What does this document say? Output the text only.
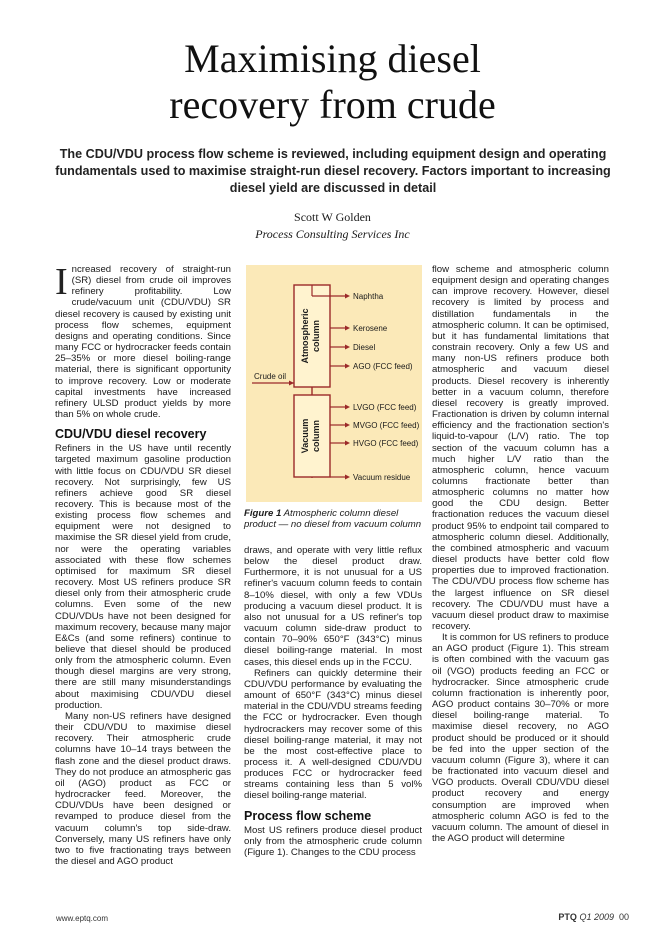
Maximising diesel
recovery from crude

The CDU/VDU process flow scheme is reviewed, including equipment design and operating fundamentals used to maximise straight-run diesel recovery. Factors important to increasing diesel yield are discussed in detail

Scott W Golden
Process Consulting Services Inc

Increased recovery of straight-run (SR) diesel from crude oil improves refinery profitability. Low crude/vacuum unit (CDU/VDU) SR diesel recovery is caused by existing unit process flow schemes, equipment designs and operating conditions. Since many FCC or hydrocracker feeds contain 25–35% or more diesel boiling-range material, there is significant opportunity to improve recovery. Low or moderate capital investments have increased refinery ULSD product yields by more than 5% on whole crude.

CDU/VDU diesel recovery

Refiners in the US have until recently targeted maximum gasoline production with little focus on CDU/VDU SR diesel recovery. Not surprisingly, few US refiners achieve good SR diesel recovery. This is because most of the existing process flow schemes and equipment were not designed to maximise the SR diesel yield from crude, nor were the operating variables associated with these flow schemes optimised for maximum SR diesel recovery. Most US refiners produce SR diesel only from their atmospheric crude columns. Even some of the new CDU/VDUs have not been designed for maximum recovery, because many major E&Cs (and some refiners) continue to believe that diesel should be produced only from the atmospheric column. Even though diesel margins are very strong, there are still many misunderstandings about maximising CDU/VDU diesel production.

Many non-US refiners have designed their CDU/VDU to maximise diesel recovery. Their atmospheric crude columns have 10–14 trays between the flash zone and the diesel product draws. They do not produce an atmospheric gas oil (AGO) product as FCC or hydrocracker feed. Moreover, the CDU/VDUs have been designed or revamped to produce diesel from the vacuum column's top side-draw. Conversely, many US refiners have only two to five fractionating trays between the diesel and AGO product

Atmospheric column
Vacuum column
Crude oil
Naphtha
Kerosene
Diesel
AGO (FCC feed)
LVGO (FCC feed)
MVGO (FCC feed)
HVGO (FCC feed)
Vacuum residue
Figure 1 Atmospheric column diesel product — no diesel from vacuum column

draws, and operate with very little reflux below the diesel product draw. Furthermore, it is not unusual for a US refiner's vacuum column feeds to contain 8–10% diesel, with only a few VDUs producing a vacuum diesel product. It is also not unusual for a US refiner's top vacuum column side-draw product to contain 70–90% 650°F (343°C) minus diesel boiling-range material. In most cases, this diesel ends up in the FCCU.

Refiners can quickly determine their CDU/VDU performance by evaluating the amount of 650°F (343°C) minus diesel material in the CDU/VDU streams feeding the FCC or hydrocracker. Even though hydrocrackers may recover some of this diesel boiling-range material, it may not be the most cost-effective place to process it. A well-designed CDU/VDU produces FCC or hydrocracker feed streams containing less than 5 vol% diesel boiling-range material.

Process flow scheme

Most US refiners produce diesel product only from the atmospheric crude column (Figure 1). Changes to the CDU process

flow scheme and atmospheric column equipment design and operating changes can improve recovery. However, diesel recovery is limited by process and distillation fundamentals in the atmospheric column. It can be optimised, but it has fundamental limitations that constrain recovery. Only a few US and many non-US refiners produce both atmospheric and vacuum diesel products. Diesel recovery is inherently better in a vacuum column, therefore diesel recovery is greatly improved. Fractionation is driven by column internal efficiency and the fractionation section's liquid-to-vapour (L/V) ratio. The top section of the vacuum column has a much higher L/V ratio than the atmospheric column, hence vacuum columns fractionate better than atmospheric columns no matter how good the CDU design. Better fractionation reduces the vacuum diesel product 95% to endpoint tail compared to atmospheric column diesel. Additionally, the combined atmospheric and vacuum diesel products have better cold flow properties due to improved fractionation. The CDU/VDU process flow scheme has the largest influence on SR diesel recovery. The CDU/VDU must have a vacuum diesel product draw to maximise recovery.

It is common for US refiners to produce an AGO product (Figure 1). This stream is often combined with the vacuum gas oil (VGO) products feeding an FCC or hydrocracker. Since atmospheric crude column fractionation is inherently poor, AGO product contains 30–70% or more diesel boiling-range material. To maximise diesel recovery, no AGO product should be produced or it should be fed into the upper section of the vacuum column (Figure 3), where it can be fractionated into vacuum diesel and VGO products. Overall CDU/VDU diesel product recovery and energy consumption are improved when atmospheric column AGO is fed to the vacuum column. The amount of diesel in the AGO product will determine

www.eptq.com	PTQ Q1 2009 00
